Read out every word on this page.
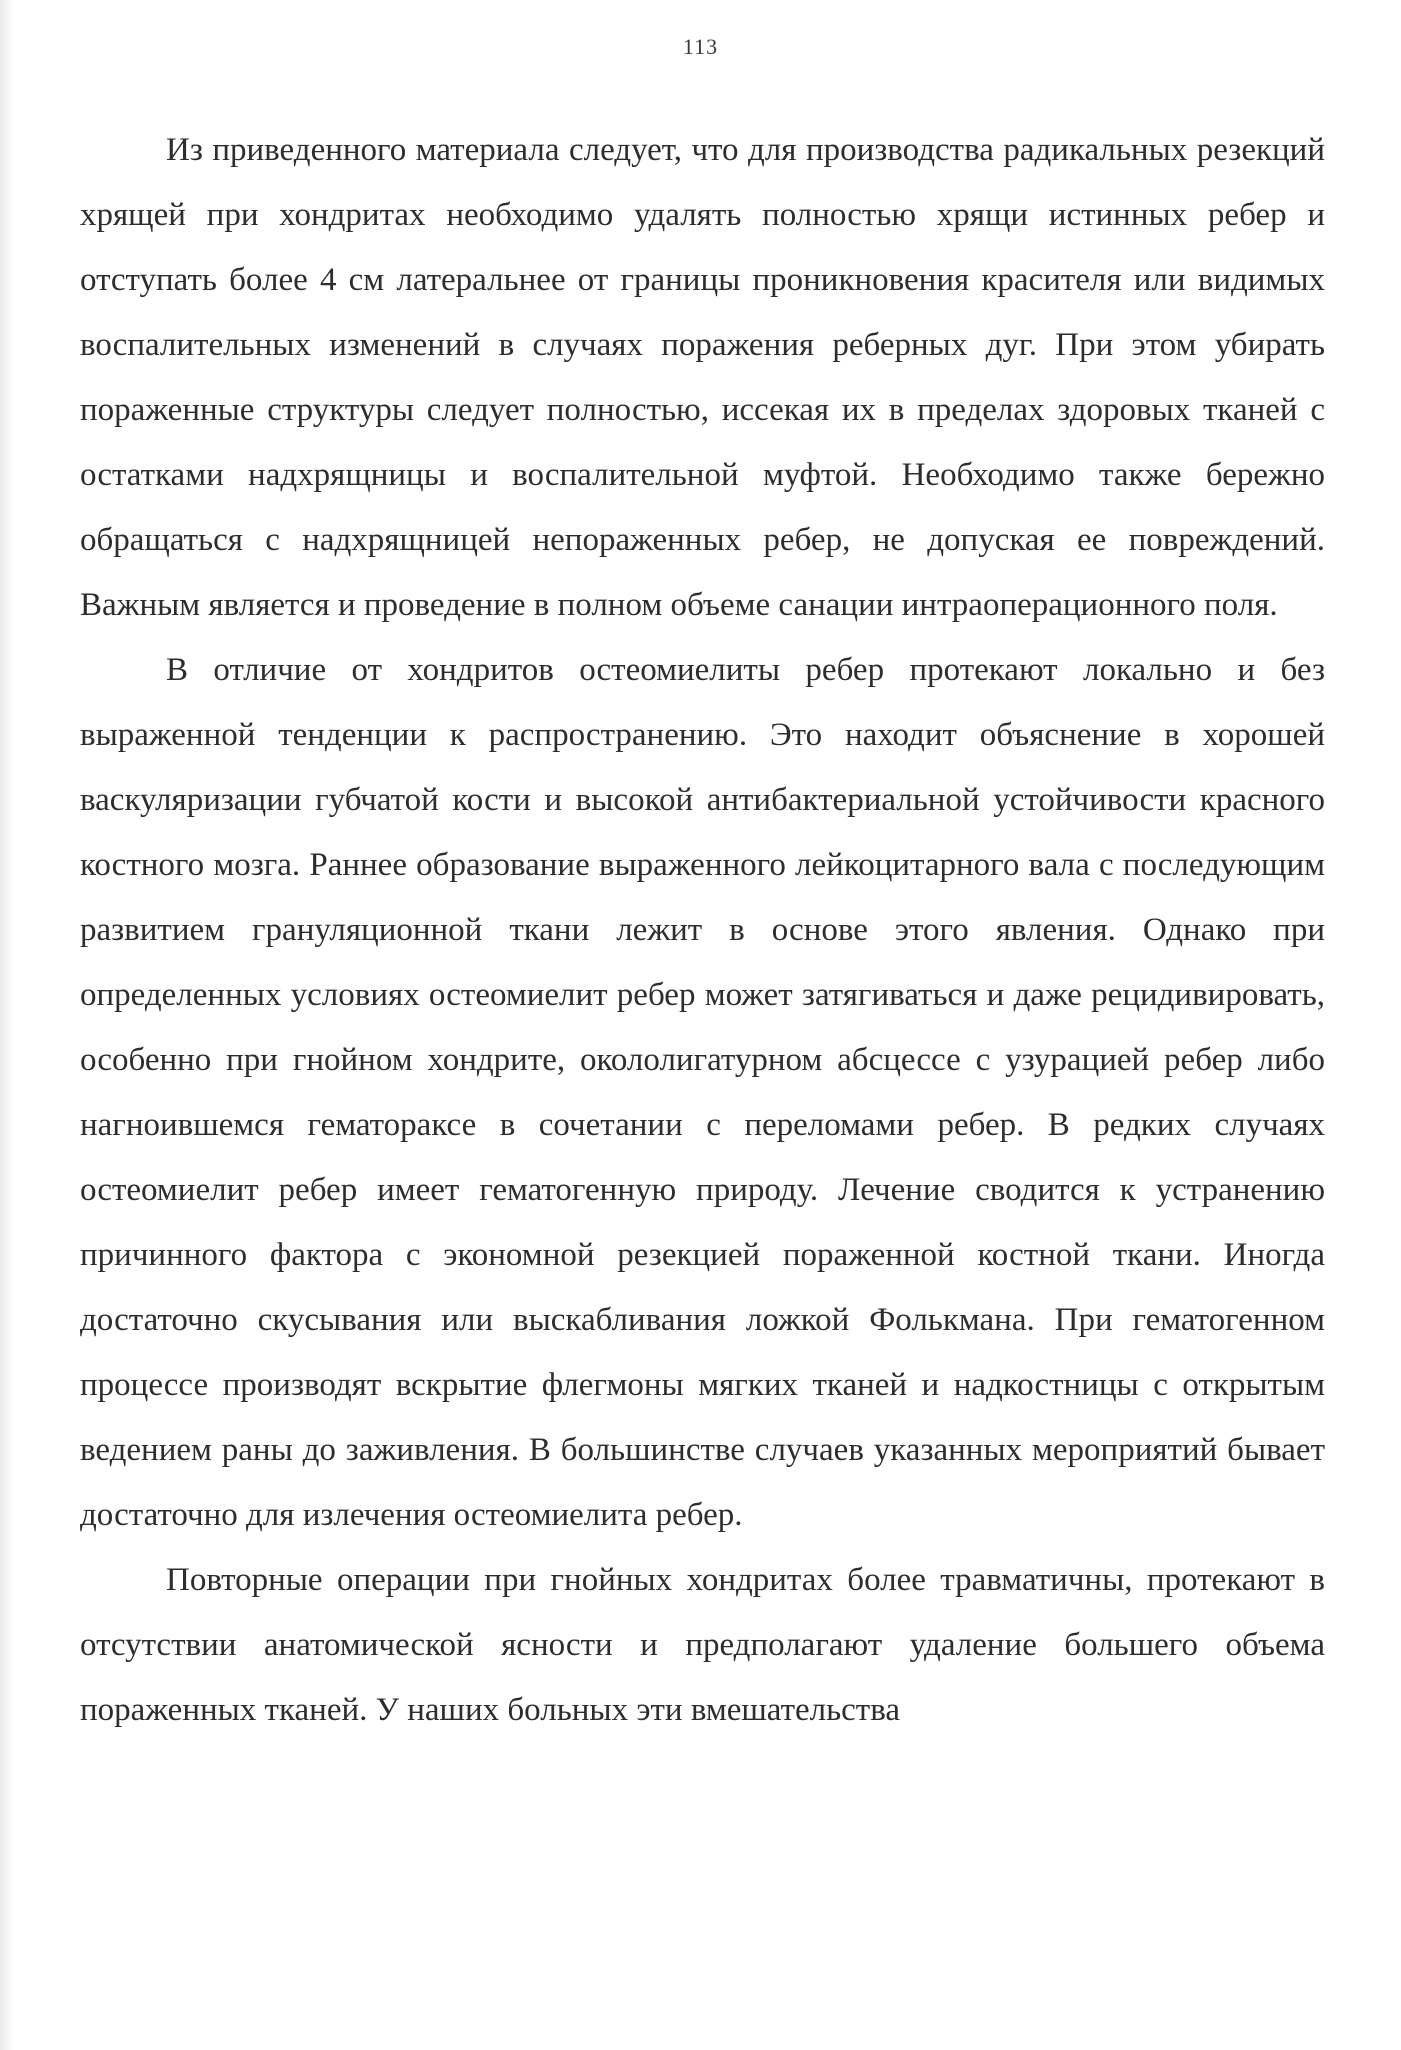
113

Из приведенного материала следует, что для производства радикальных резекций хрящей при хондритах необходимо удалять полностью хрящи истинных ребер и отступать более 4 см латеральнее от границы проникновения красителя или видимых воспалительных изменений в случаях поражения реберных дуг. При этом убирать пораженные структуры следует полностью, иссекая их в пределах здоровых тканей с остатками надхрящницы и воспалительной муфтой. Необходимо также бережно обращаться с надхрящницей непораженных ребер, не допуская ее повреждений. Важным является и проведение в полном объеме санации интраоперационного поля.

В отличие от хондритов остеомиелиты ребер протекают локально и без выраженной тенденции к распространению. Это находит объяснение в хорошей васкуляризации губчатой кости и высокой антибактериальной устойчивости красного костного мозга. Раннее образование выраженного лейкоцитарного вала с последующим развитием грануляционной ткани лежит в основе этого явления. Однако при определенных условиях остеомиелит ребер может затягиваться и даже рецидивировать, особенно при гнойном хондрите, окололигатурном абсцессе с узурацией ребер либо нагноившемся гематораксе в сочетании с переломами ребер. В редких случаях остеомиелит ребер имеет гематогенную природу. Лечение сводится к устранению причинного фактора с экономной резекцией пораженной костной ткани. Иногда достаточно скусывания или выскабливания ложкой Фолькмана. При гематогенном процессе производят вскрытие флегмоны мягких тканей и надкостницы с открытым ведением раны до заживления. В большинстве случаев указанных мероприятий бывает достаточно для излечения остеомиелита ребер.

Повторные операции при гнойных хондритах более травматичны, протекают в отсутствии анатомической ясности и предполагают удаление большего объема пораженных тканей. У наших больных эти вмешательства
